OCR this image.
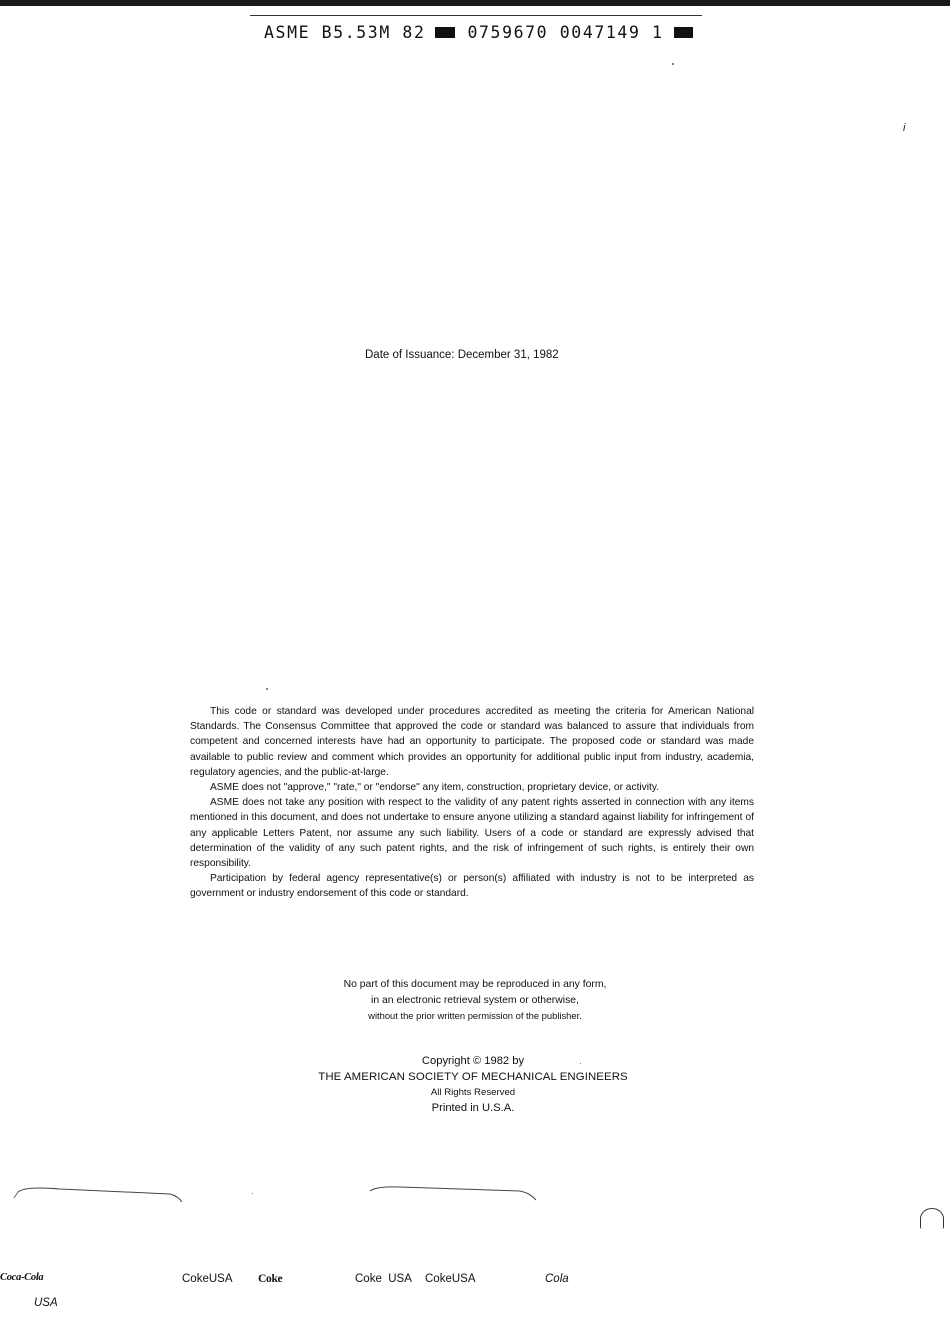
ASME B5.53M 82	0759670 0047149 1
i
Date of Issuance: December 31, 1982

This code or standard was developed under procedures accredited as meeting the criteria for American National Standards. The Consensus Committee that approved the code or standard was balanced to assure that individuals from competent and concerned interests have had an opportunity to participate. The proposed code or standard was made available to public review and comment which provides an opportunity for additional public input from industry, academia, regulatory agencies, and the public-at-large.

ASME does not "approve," "rate," or "endorse" any item, construction, proprietary device, or activity.

ASME does not take any position with respect to the validity of any patent rights asserted in connection with any items mentioned in this document, and does not undertake to ensure anyone utilizing a standard against liability for infringement of any applicable Letters Patent, nor assume any such liability. Users of a code or standard are expressly advised that determination of the validity of any such patent rights, and the risk of infringement of such rights, is entirely their own responsibility.

Participation by federal agency representative(s) or person(s) affiliated with industry is not to be interpreted as government or industry endorsement of this code or standard.

No part of this document may be reproduced in any form,
in an electronic retrieval system or otherwise,
without the prior written permission of the publisher.
Copyright © 1982 by
THE AMERICAN SOCIETY OF MECHANICAL ENGINEERS
All Rights Reserved
Printed in U.S.A.
Coca-Cola
USA
CokeUSA Coke	Coke USA CokeUSA	Cola
